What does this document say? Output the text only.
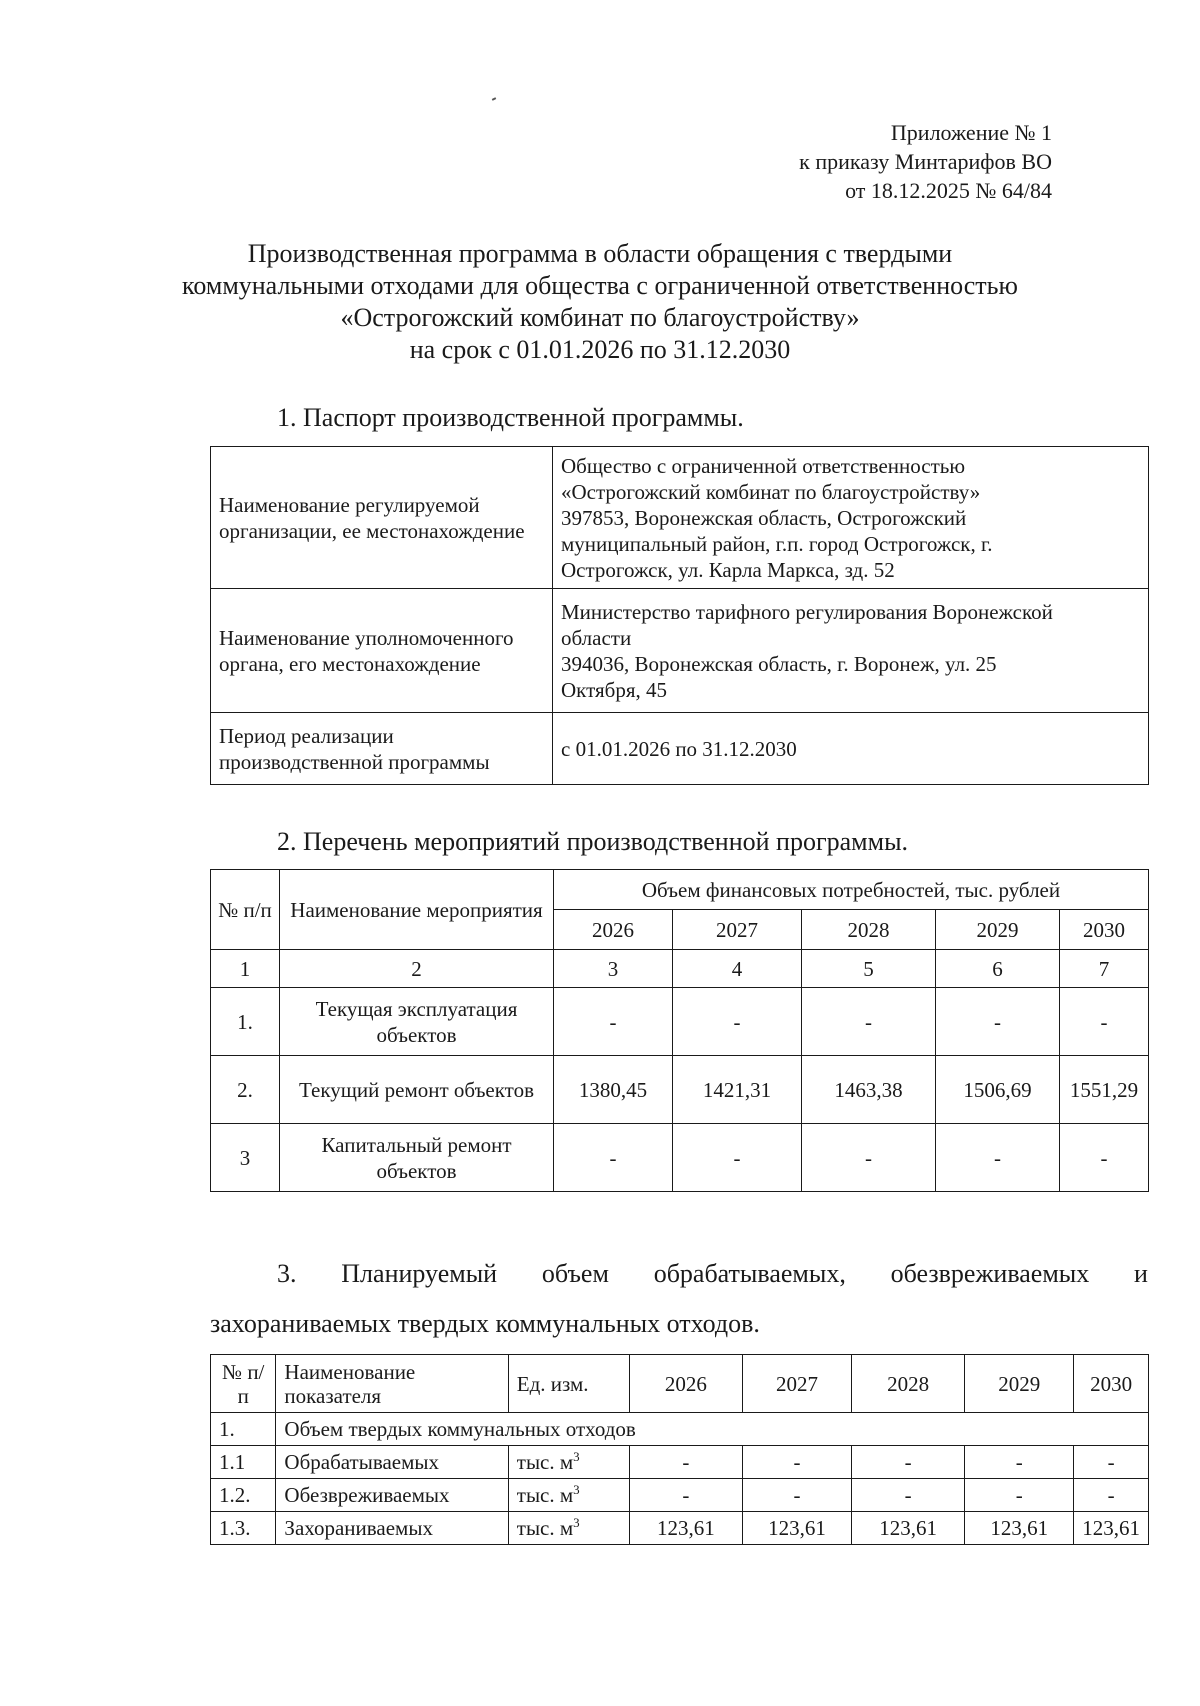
Приложение № 1
к приказу Минтарифов ВО
от 18.12.2025 № 64/84
Производственная программа в области обращения с твердыми
коммунальными отходами для общества с ограниченной ответственностью
«Острогожский комбинат по благоустройству»
на срок с 01.01.2026 по 31.12.2030
1. Паспорт производственной программы.
Наименование регулируемой организации, ее местонахождение	Общество с ограниченной ответственностью
«Острогожский комбинат по благоустройству»
397853, Воронежская область, Острогожский
муниципальный район, г.п. город Острогожск, г.
Острогожск, ул. Карла Маркса, зд. 52

Наименование уполномоченного органа, его местонахождение	Министерство тарифного регулирования Воронежской
области
394036, Воронежская область, г. Воронеж, ул. 25
Октября, 45

Период реализации производственной программы	с 01.01.2026 по 31.12.2030
2. Перечень мероприятий производственной программы.
№ п/п	Наименование мероприятия	Объем финансовых потребностей, тыс. рублей				
		2026	2027	2028	2029	2030
1	2	3	4	5	6	7
1.	Текущая эксплуатация объектов	-	-	-	-	-
2.	Текущий ремонт объектов	1380,45	1421,31	1463,38	1506,69	1551,29
3	Капитальный ремонт объектов	-	-	-	-	-
3. Планируемый объем обрабатываемых, обезвреживаемых и
захораниваемых твердых коммунальных отходов.
№ п/п	Наименование показателя	Ед. изм.	2026	2027	2028	2029	2030
1.	Объем твердых коммунальных отходов						
1.1	Обрабатываемых	тыс. $м^3$	-	-	-	-	-
1.2.	Обезвреживаемых	тыс. $м^3$	-	-	-	-	-
1.3.	Захораниваемых	тыс. $м^3$	123,61	123,61	123,61	123,61	123,61
